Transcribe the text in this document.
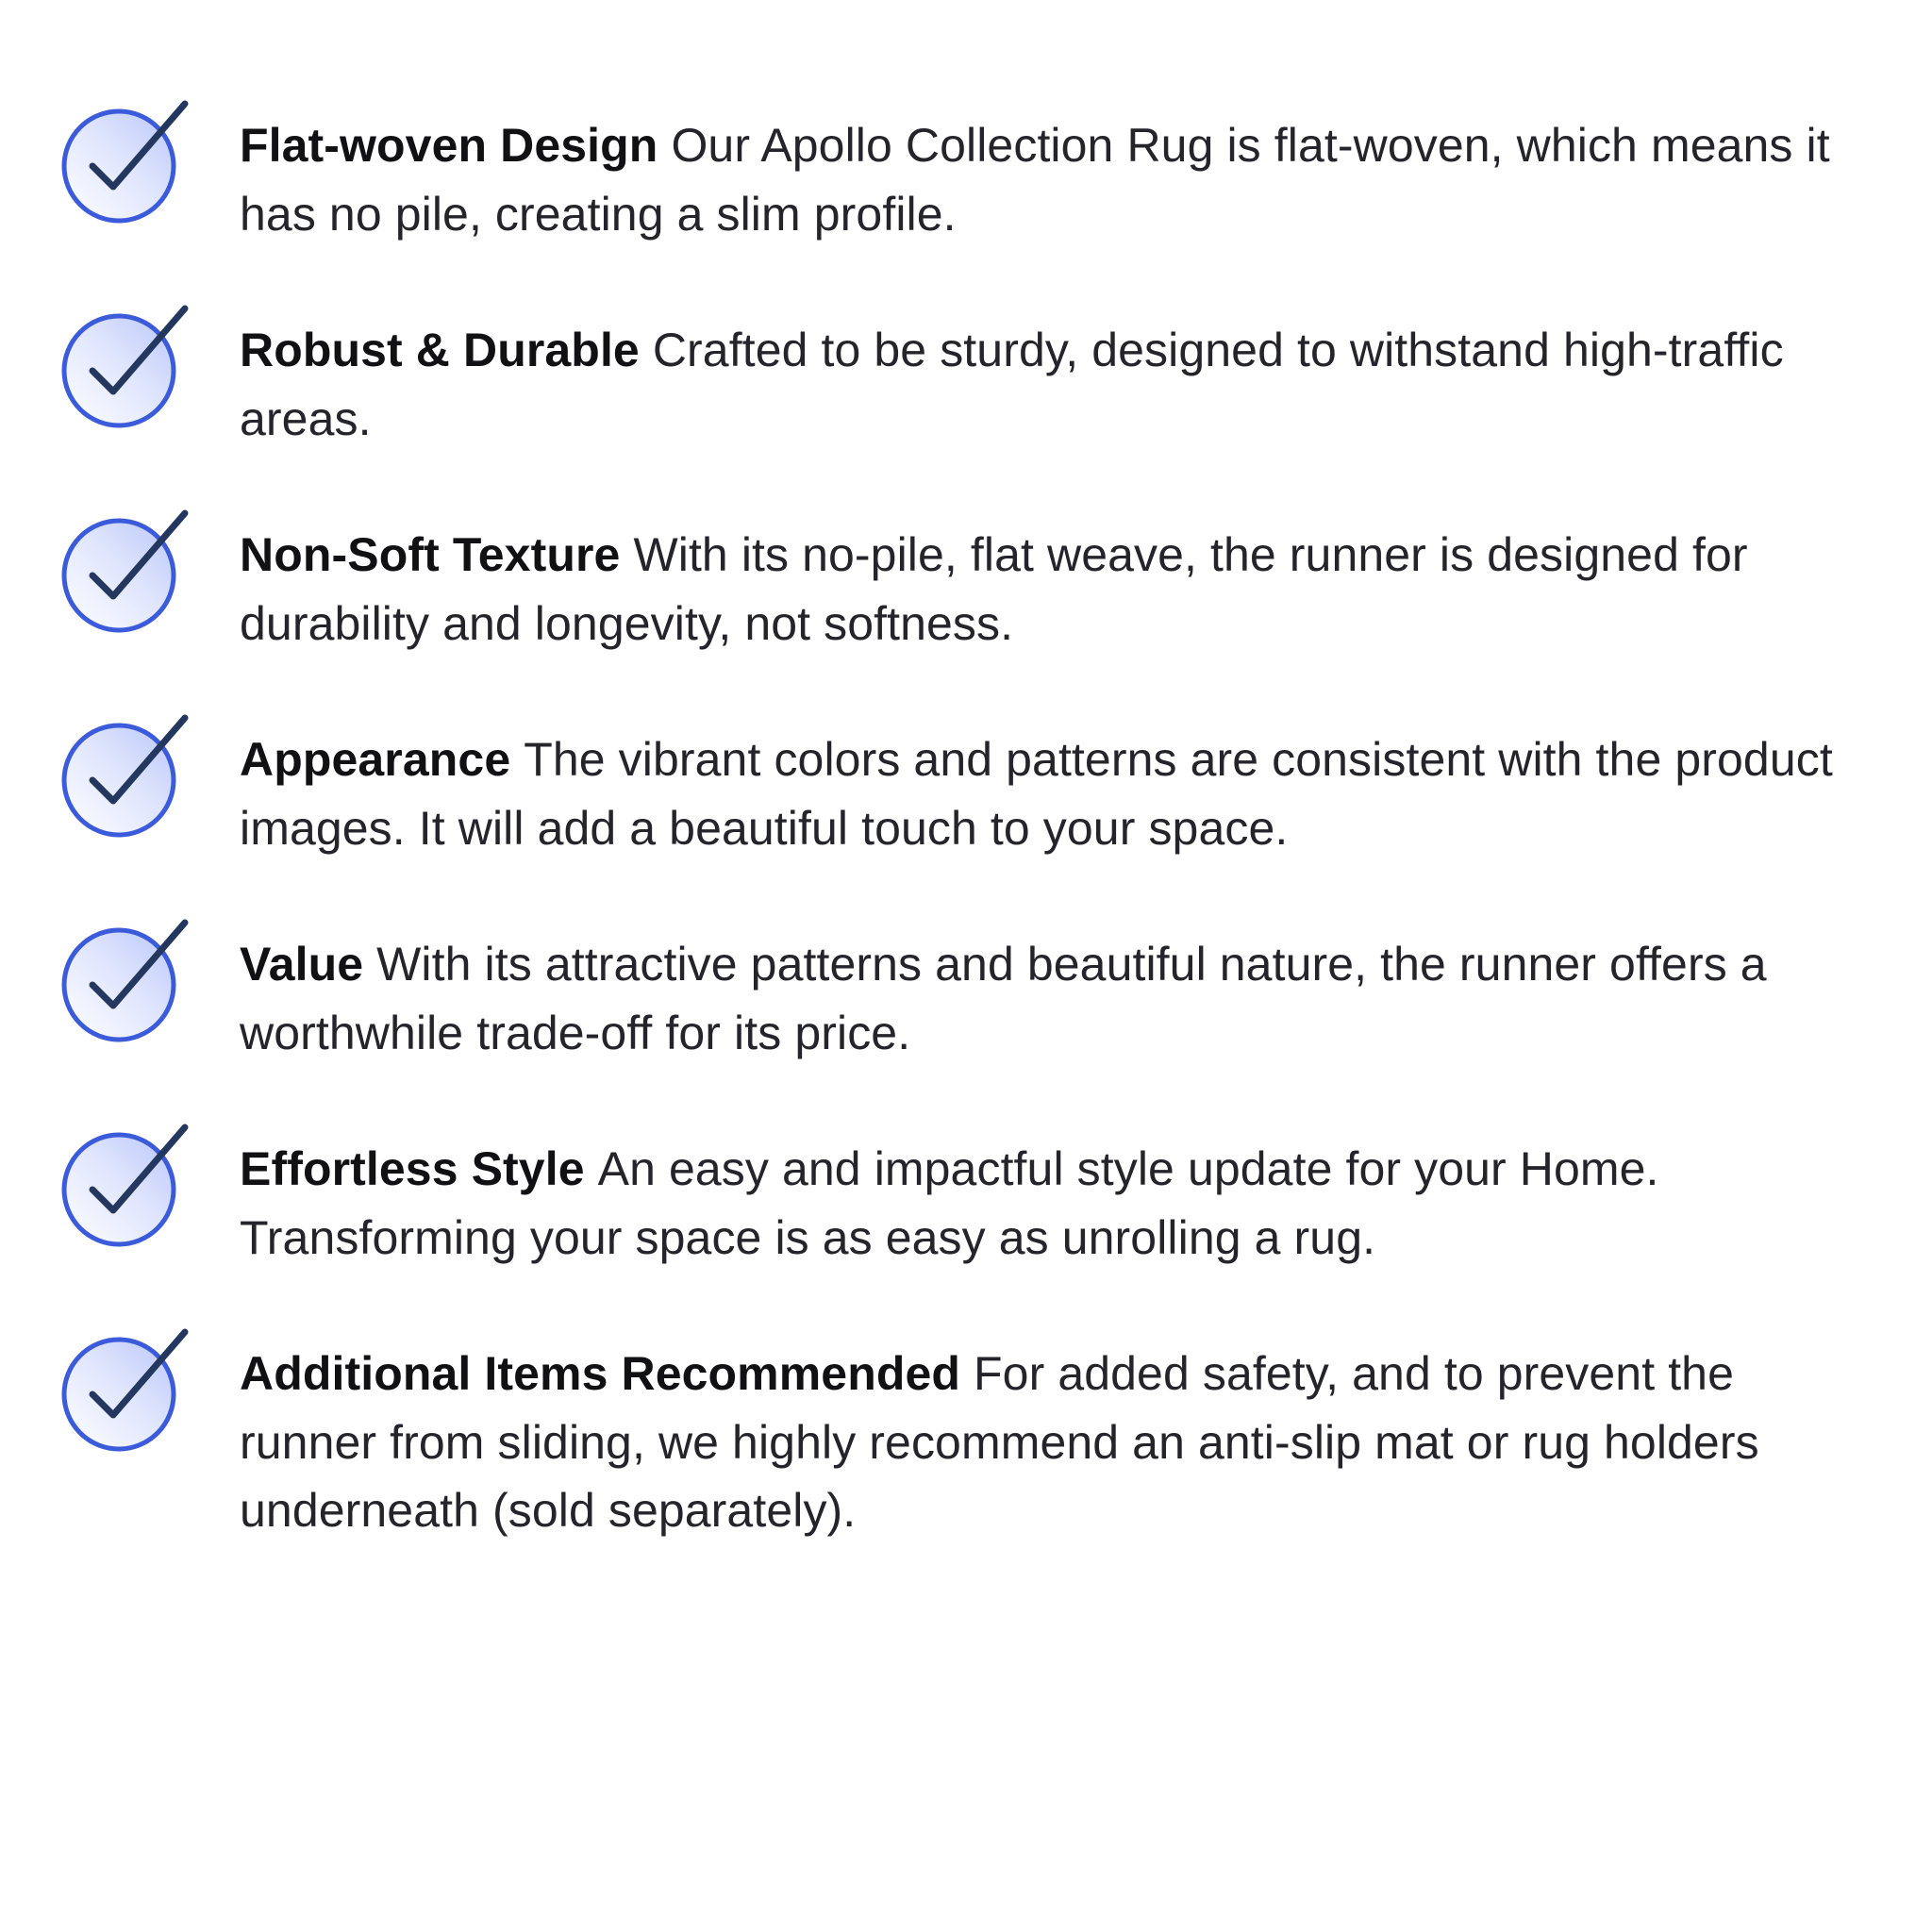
Flat-woven Design Our Apollo Collection Rug is flat-woven, which means it has no pile, creating a slim profile.
Robust & Durable Crafted to be sturdy, designed to withstand high-traffic areas.
Non-Soft Texture With its no-pile, flat weave, the runner is designed for durability and longevity, not softness.
Appearance The vibrant colors and patterns are consistent with the product images. It will add a beautiful touch to your space.
Value With its attractive patterns and beautiful nature, the runner offers a worthwhile trade-off for its price.
Effortless Style An easy and impactful style update for your Home. Transforming your space is as easy as unrolling a rug.
Additional Items Recommended For added safety, and to prevent the runner from sliding, we highly recommend an anti-slip mat or rug holders underneath (sold separately).
